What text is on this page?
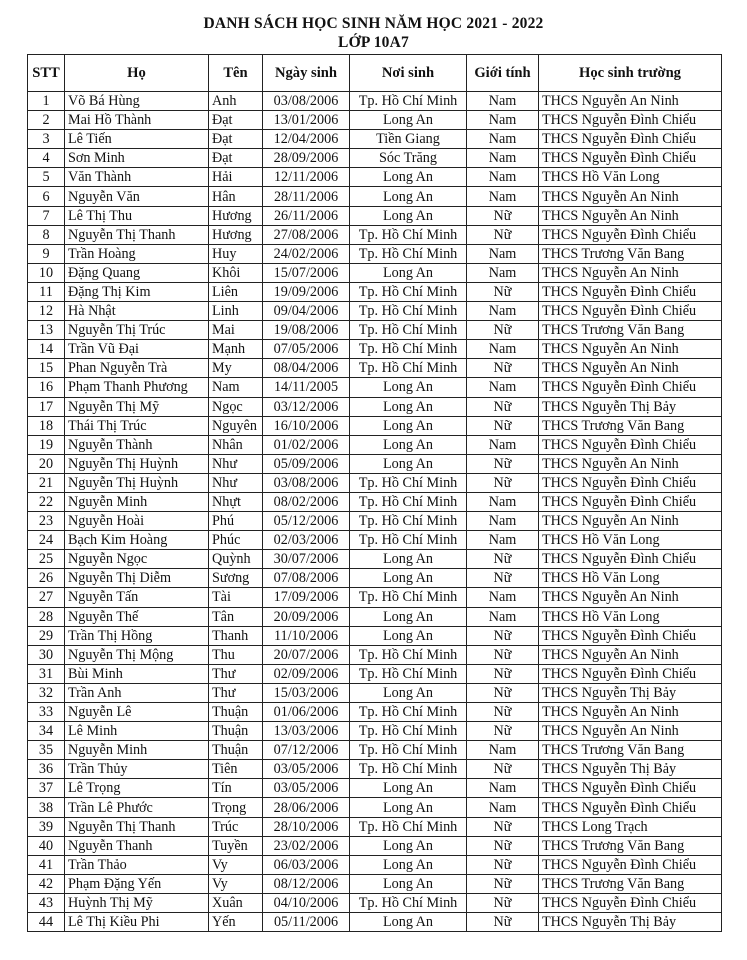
DANH SÁCH HỌC SINH NĂM HỌC 2021 - 2022
LỚP 10A7
STT	Họ	Tên	Ngày sinh	Nơi sinh	Giới tính	Học sinh trường
1	Võ Bá Hùng	Anh	03/08/2006	Tp. Hồ Chí Minh	Nam	THCS Nguyễn An Ninh
2	Mai Hồ Thành	Đạt	13/01/2006	Long An	Nam	THCS Nguyễn Đình Chiểu
3	Lê Tiến	Đạt	12/04/2006	Tiền Giang	Nam	THCS Nguyễn Đình Chiểu
4	Sơn Minh	Đạt	28/09/2006	Sóc Trăng	Nam	THCS Nguyễn Đình Chiểu
5	Văn Thành	Hải	12/11/2006	Long An	Nam	THCS Hồ Văn Long
6	Nguyễn Văn	Hân	28/11/2006	Long An	Nam	THCS Nguyễn An Ninh
7	Lê Thị Thu	Hương	26/11/2006	Long An	Nữ	THCS Nguyễn An Ninh
8	Nguyễn Thị Thanh	Hương	27/08/2006	Tp. Hồ Chí Minh	Nữ	THCS Nguyễn Đình Chiểu
9	Trần Hoàng	Huy	24/02/2006	Tp. Hồ Chí Minh	Nam	THCS Trương Văn Bang
10	Đặng Quang	Khôi	15/07/2006	Long An	Nam	THCS Nguyễn An Ninh
11	Đặng Thị Kim	Liên	19/09/2006	Tp. Hồ Chí Minh	Nữ	THCS Nguyễn Đình Chiểu
12	Hà Nhật	Linh	09/04/2006	Tp. Hồ Chí Minh	Nam	THCS Nguyễn Đình Chiểu
13	Nguyễn Thị Trúc	Mai	19/08/2006	Tp. Hồ Chí Minh	Nữ	THCS Trương Văn Bang
14	Trần Vũ Đại	Mạnh	07/05/2006	Tp. Hồ Chí Minh	Nam	THCS Nguyễn An Ninh
15	Phan Nguyễn Trà	My	08/04/2006	Tp. Hồ Chí Minh	Nữ	THCS Nguyễn An Ninh
16	Phạm Thanh Phương	Nam	14/11/2005	Long An	Nam	THCS Nguyễn Đình Chiểu
17	Nguyễn Thị Mỹ	Ngọc	03/12/2006	Long An	Nữ	THCS Nguyễn Thị Bảy
18	Thái Thị Trúc	Nguyên	16/10/2006	Long An	Nữ	THCS Trương Văn Bang
19	Nguyễn Thành	Nhân	01/02/2006	Long An	Nam	THCS Nguyễn Đình Chiểu
20	Nguyễn Thị Huỳnh	Như	05/09/2006	Long An	Nữ	THCS Nguyễn An Ninh
21	Nguyễn Thị Huỳnh	Như	03/08/2006	Tp. Hồ Chí Minh	Nữ	THCS Nguyễn Đình Chiểu
22	Nguyễn Minh	Nhựt	08/02/2006	Tp. Hồ Chí Minh	Nam	THCS Nguyễn Đình Chiểu
23	Nguyễn Hoài	Phú	05/12/2006	Tp. Hồ Chí Minh	Nam	THCS Nguyễn An Ninh
24	Bạch Kim Hoàng	Phúc	02/03/2006	Tp. Hồ Chí Minh	Nam	THCS Hồ Văn Long
25	Nguyễn Ngọc	Quỳnh	30/07/2006	Long An	Nữ	THCS Nguyễn Đình Chiểu
26	Nguyễn Thị Diễm	Sương	07/08/2006	Long An	Nữ	THCS Hồ Văn Long
27	Nguyễn Tấn	Tài	17/09/2006	Tp. Hồ Chí Minh	Nam	THCS Nguyễn An Ninh
28	Nguyễn Thế	Tân	20/09/2006	Long An	Nam	THCS Hồ Văn Long
29	Trần Thị Hồng	Thanh	11/10/2006	Long An	Nữ	THCS Nguyễn Đình Chiểu
30	Nguyễn Thị Mộng	Thu	20/07/2006	Tp. Hồ Chí Minh	Nữ	THCS Nguyễn An Ninh
31	Bùi Minh	Thư	02/09/2006	Tp. Hồ Chí Minh	Nữ	THCS Nguyễn Đình Chiểu
32	Trần Anh	Thư	15/03/2006	Long An	Nữ	THCS Nguyễn Thị Bảy
33	Nguyễn Lê	Thuận	01/06/2006	Tp. Hồ Chí Minh	Nữ	THCS Nguyễn An Ninh
34	Lê Minh	Thuận	13/03/2006	Tp. Hồ Chí Minh	Nữ	THCS Nguyễn An Ninh
35	Nguyễn Minh	Thuận	07/12/2006	Tp. Hồ Chí Minh	Nam	THCS Trương Văn Bang
36	Trần Thủy	Tiên	03/05/2006	Tp. Hồ Chí Minh	Nữ	THCS Nguyễn Thị Bảy
37	Lê Trọng	Tín	03/05/2006	Long An	Nam	THCS Nguyễn Đình Chiểu
38	Trần Lê Phước	Trọng	28/06/2006	Long An	Nam	THCS Nguyễn Đình Chiểu
39	Nguyễn Thị Thanh	Trúc	28/10/2006	Tp. Hồ Chí Minh	Nữ	THCS Long Trạch
40	Nguyễn Thanh	Tuyền	23/02/2006	Long An	Nữ	THCS Trương Văn Bang
41	Trần Thảo	Vy	06/03/2006	Long An	Nữ	THCS Nguyễn Đình Chiểu
42	Phạm Đặng Yến	Vy	08/12/2006	Long An	Nữ	THCS Trương Văn Bang
43	Huỳnh Thị Mỹ	Xuân	04/10/2006	Tp. Hồ Chí Minh	Nữ	THCS Nguyễn Đình Chiểu
44	Lê Thị Kiều Phi	Yến	05/11/2006	Long An	Nữ	THCS Nguyễn Thị Bảy
